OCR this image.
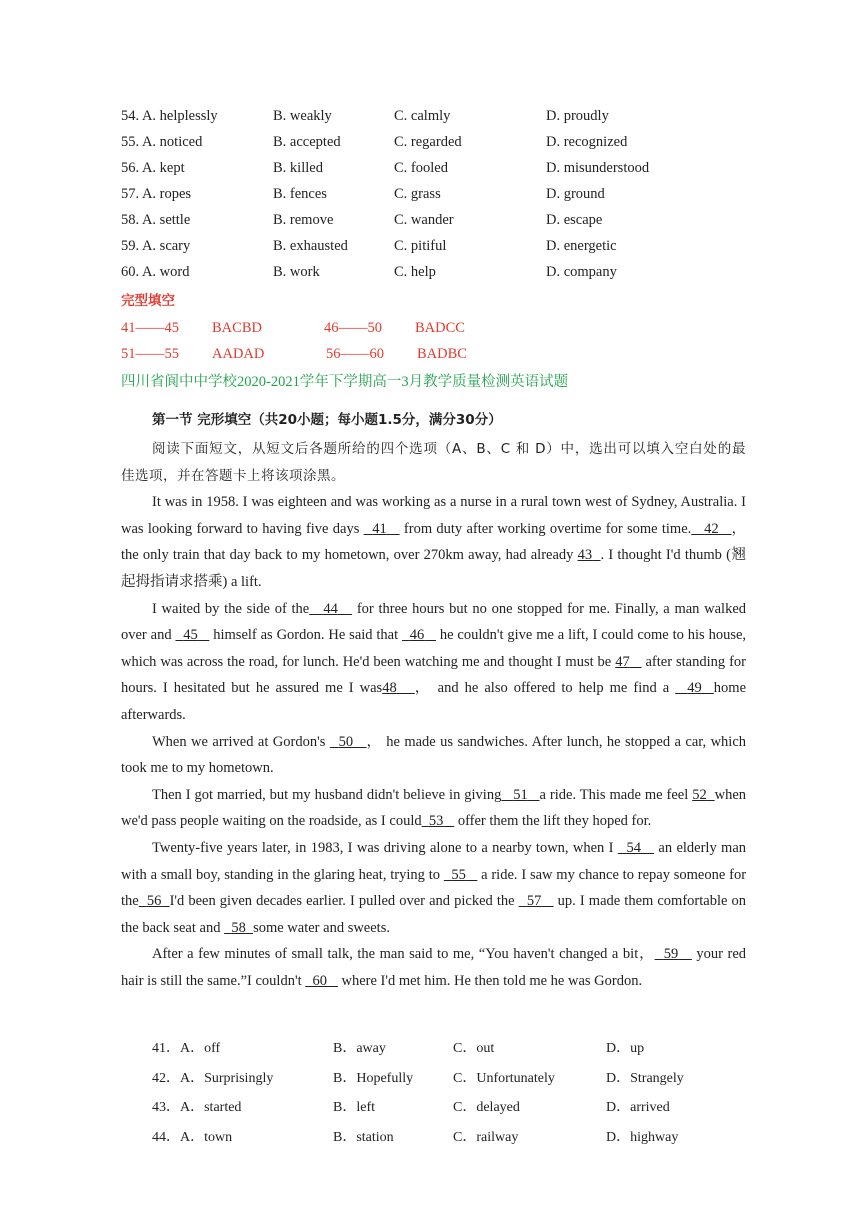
54. A. helplessly	B. weakly	C. calmly	D. proudly
55. A. noticed	B. accepted	C. regarded	D. recognized
56. A. kept	B. killed	C. fooled	D. misunderstood
57. A. ropes	B. fences	C. grass	D. ground
58. A. settle	B. remove	C. wander	D. escape
59. A. scary	B. exhausted	C. pitiful	D. energetic
60. A. word	B. work	C. help	D. company
完型填空
41——45 BACBD	46——50 BADCC
51——55 AADAD	56——60 BADBC
四川省阆中中学校2020-2021学年下学期高一3月教学质量检测英语试题
第一节 完形填空（共20小题；每小题1.5分，满分30分）

阅读下面短文，从短文后各题所给的四个选项（A、B、C 和 D）中，选出可以填入空白处的最佳选项，并在答题卡上将该项涂黑。

It was in 1958. I was eighteen and was working as a nurse in a rural town west of Sydney, Australia. I was looking forward to having five days   41    from duty after working overtime for some time. 42 ， the only train that day back to my hometown, over 270km away, had already 43 . I thought I'd thumb (翘起拇指请求搭乘) a lift.

I waited by the side of the 44    for three hours but no one stopped for me. Finally, a man walked over and   45    himself as Gordon. He said that   46    he couldn't give me a lift, I could come to his house, which was across the road, for lunch. He'd been watching me and thought I must be 47    after standing for hours. I hesitated but he assured me I was48 ， and he also offered to help me find a   49 home afterwards.

When we arrived at Gordon's   50 ， he made us sandwiches. After lunch, he stopped a car, which took me to my hometown.

Then I got married, but my husband didn't believe in giving 51 a ride. This made me feel 52 when we'd pass people waiting on the roadside, as I could 53    offer them the lift they hoped for.

Twenty-five years later, in 1983, I was driving alone to a nearby town, when I   54    an elderly man with a small boy, standing in the glaring heat, trying to   55    a ride. I saw my chance to repay someone for the 56 I'd been given decades earlier. I pulled over and picked the   57    up. I made them comfortable on the back seat and   58 some water and sweets.

After a few minutes of small talk, the man said to me, “You haven't changed a bit， 59    your red hair is still the same.”I couldn't   60    where I'd met him. He then told me he was Gordon.

41．A．off	B．away	C．out	D．up
42．A．Surprisingly	B．Hopefully	C．Unfortunately	D．Strangely
43．A．started	B．left	C．delayed	D．arrived
44．A．town	B．station	C．railway	D．highway
